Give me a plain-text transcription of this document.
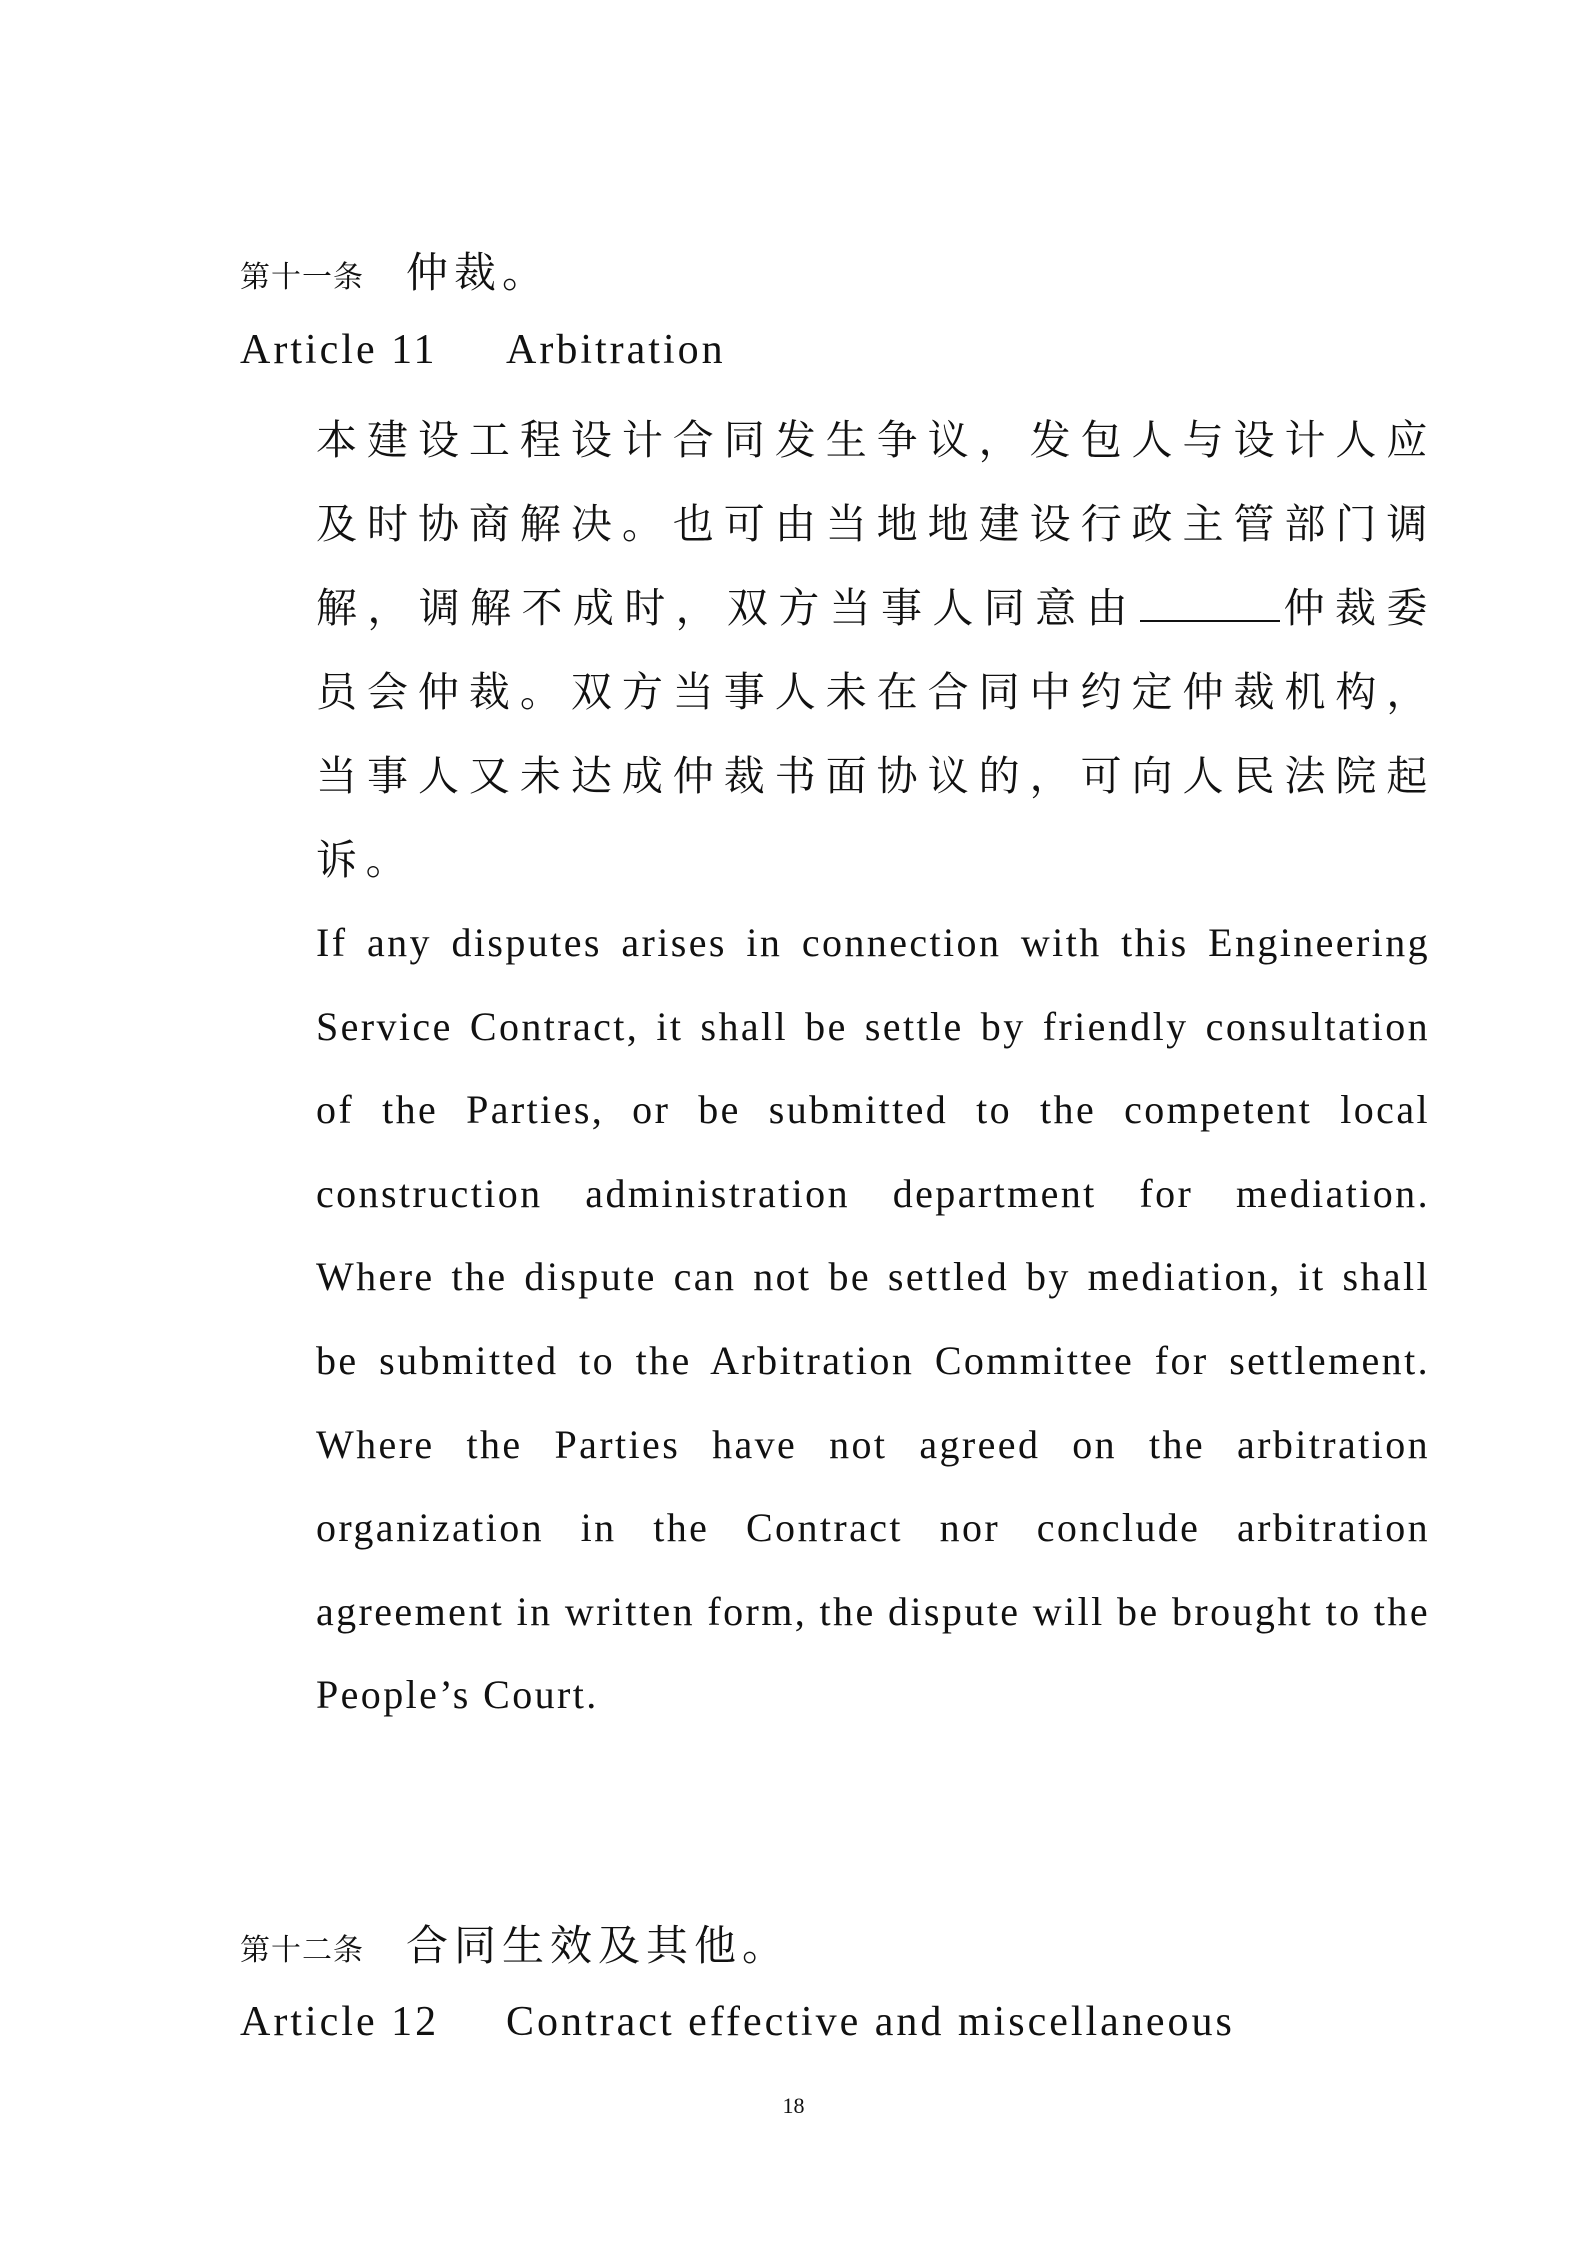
第十一条 仲裁。
Article 11 Arbitration
本建设工程设计合同发生争议，发包人与设计人应及时协商解决。也可由当地地建设行政主管部门调解，调解不成时，双方当事人同意由	仲裁委员会仲裁。双方当事人未在合同中约定仲裁机构，当事人又未达成仲裁书面协议的，可向人民法院起诉。
If any disputes arises in connection with this Engineering Service Contract, it shall be settle by friendly consultation of the Parties, or be submitted to the competent local construction administration department for mediation. Where the dispute can not be settled by mediation, it shall be submitted to the Arbitration Committee for settlement. Where the Parties have not agreed on the arbitration organization in the Contract nor conclude arbitration agreement in written form, the dispute will be brought to the People’s Court.
第十二条 合同生效及其他。
Article 12 Contract effective and miscellaneous
18
